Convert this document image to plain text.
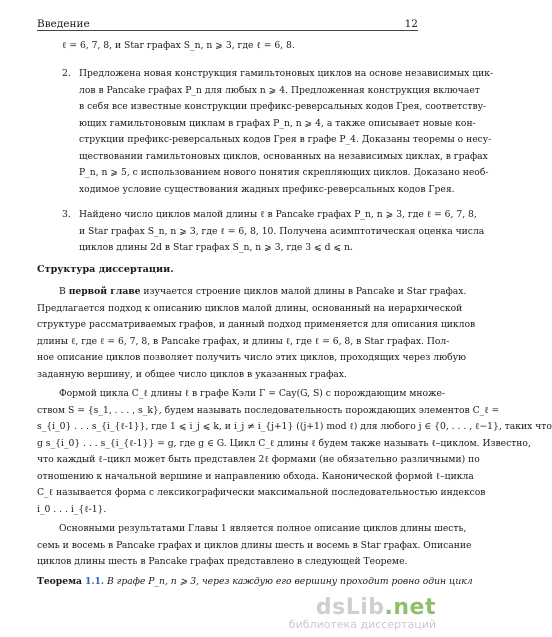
Введение	12
ℓ = 6, 7, 8, и Star графах S_n, n ⩾ 3, где ℓ = 6, 8.
2. Предложена новая конструкция гамильтоновых циклов на основе независимых цик-
лов в Pancake графах P_n для любых n ⩾ 4. Предложенная конструкция включает
в себя все известные конструкции префикс-реверсальных кодов Грея, соответству-
ющих гамильтоновым циклам в графах P_n, n ⩾ 4, а также описывает новые кон-
струкции префикс-реверсальных кодов Грея в графе P_4. Доказаны теоремы о несу-
ществовании гамильтоновых циклов, основанных на независимых циклах, в графах
P_n, n ⩾ 5, с использованием нового понятия скрепляющих циклов. Доказано необ-
ходимое условие существования жадных префикс-реверсальных кодов Грея.
3. Найдено число циклов малой длины ℓ в Pancake графах P_n, n ⩾ 3, где ℓ = 6, 7, 8,
и Star графах S_n, n ⩾ 3, где ℓ = 6, 8, 10. Получена асимптотическая оценка числа
циклов длины 2d в Star графах S_n, n ⩾ 3, где 3 ⩽ d ⩽ n.
Структура диссертации.
В первой главе изучается строение циклов малой длины в Pancake и Star графах.
Предлагается подход к описанию циклов малой длины, основанный на иерархической
структуре рассматриваемых графов, и данный подход применяется для описания циклов
длины ℓ, где ℓ = 6, 7, 8, в Pancake графах, и длины ℓ, где ℓ = 6, 8, в Star графах. Пол-
ное описание циклов позволяет получить число этих циклов, проходящих через любую
заданную вершину, и общее число циклов в указанных графах.
Формой цикла C_ℓ длины ℓ в графе Кэли Γ = Cay(G, S) с порождающим множе-
ством S = {s_1, . . . , s_k}, будем называть последовательность порождающих элементов C_ℓ =
s_{i_0} . . . s_{i_{ℓ-1}}, где 1 ⩽ i_j ⩽ k, и i_j ≠ i_{j+1} ((j+1) mod ℓ) для любого j ∈ {0, . . . , ℓ−1}, таких что
g s_{i_0} . . . s_{i_{ℓ-1}} = g, где g ∈ G. Цикл C_ℓ длины ℓ будем также называть ℓ–циклом. Известно,
что каждый ℓ–цикл может быть представлен 2ℓ формами (не обязательно различными) по
отношению к начальной вершине и направлению обхода. Канонической формой ℓ–цикла
C_ℓ называется форма с лексикографически максимальной последовательностью индексов
i_0 . . . i_{ℓ-1}.
Основными результатами Главы 1 является полное описание циклов длины шесть,
семь и восемь в Pancake графах и циклов длины шесть и восемь в Star графах. Описание
циклов длины шесть в Pancake графах представлено в следующей Теореме.
Теорема 1.1. В графе P_n, n ⩾ 3, через каждую его вершину проходит ровно один цикл
dsLib.net
библиотека диссертаций
